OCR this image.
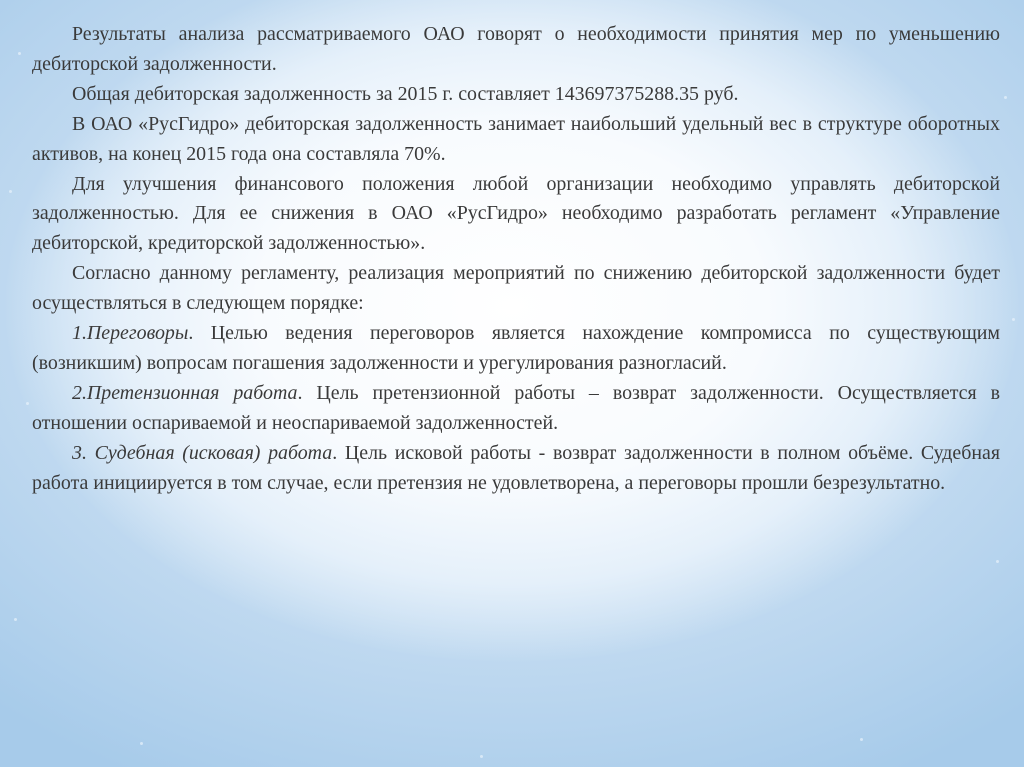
Результаты анализа рассматриваемого ОАО говорят о необходимости принятия мер по уменьшению дебиторской задолженности.

Общая дебиторская задолженность за 2015 г. составляет 143697375288.35 руб.

В ОАО «РусГидро» дебиторская задолженность занимает наибольший удельный вес в структуре оборотных активов, на конец 2015 года она составляла 70%.

Для улучшения финансового положения любой организации необходимо управлять дебиторской задолженностью. Для ее снижения в ОАО «РусГидро» необходимо разработать регламент «Управление дебиторской, кредиторской задолженностью».

Согласно данному регламенту, реализация мероприятий по снижению дебиторской задолженности будет осуществляться в следующем порядке:

1.Переговоры. Целью ведения переговоров является нахождение компромисса по существующим (возникшим) вопросам погашения задолженности и урегулирования разногласий.

2.Претензионная работа. Цель претензионной работы – возврат задолженности. Осуществляется в отношении оспариваемой и неоспариваемой задолженностей.

3. Судебная (исковая) работа. Цель исковой работы - возврат задолженности в полном объёме. Судебная работа инициируется в том случае, если претензия не удовлетворена, а переговоры прошли безрезультатно.
